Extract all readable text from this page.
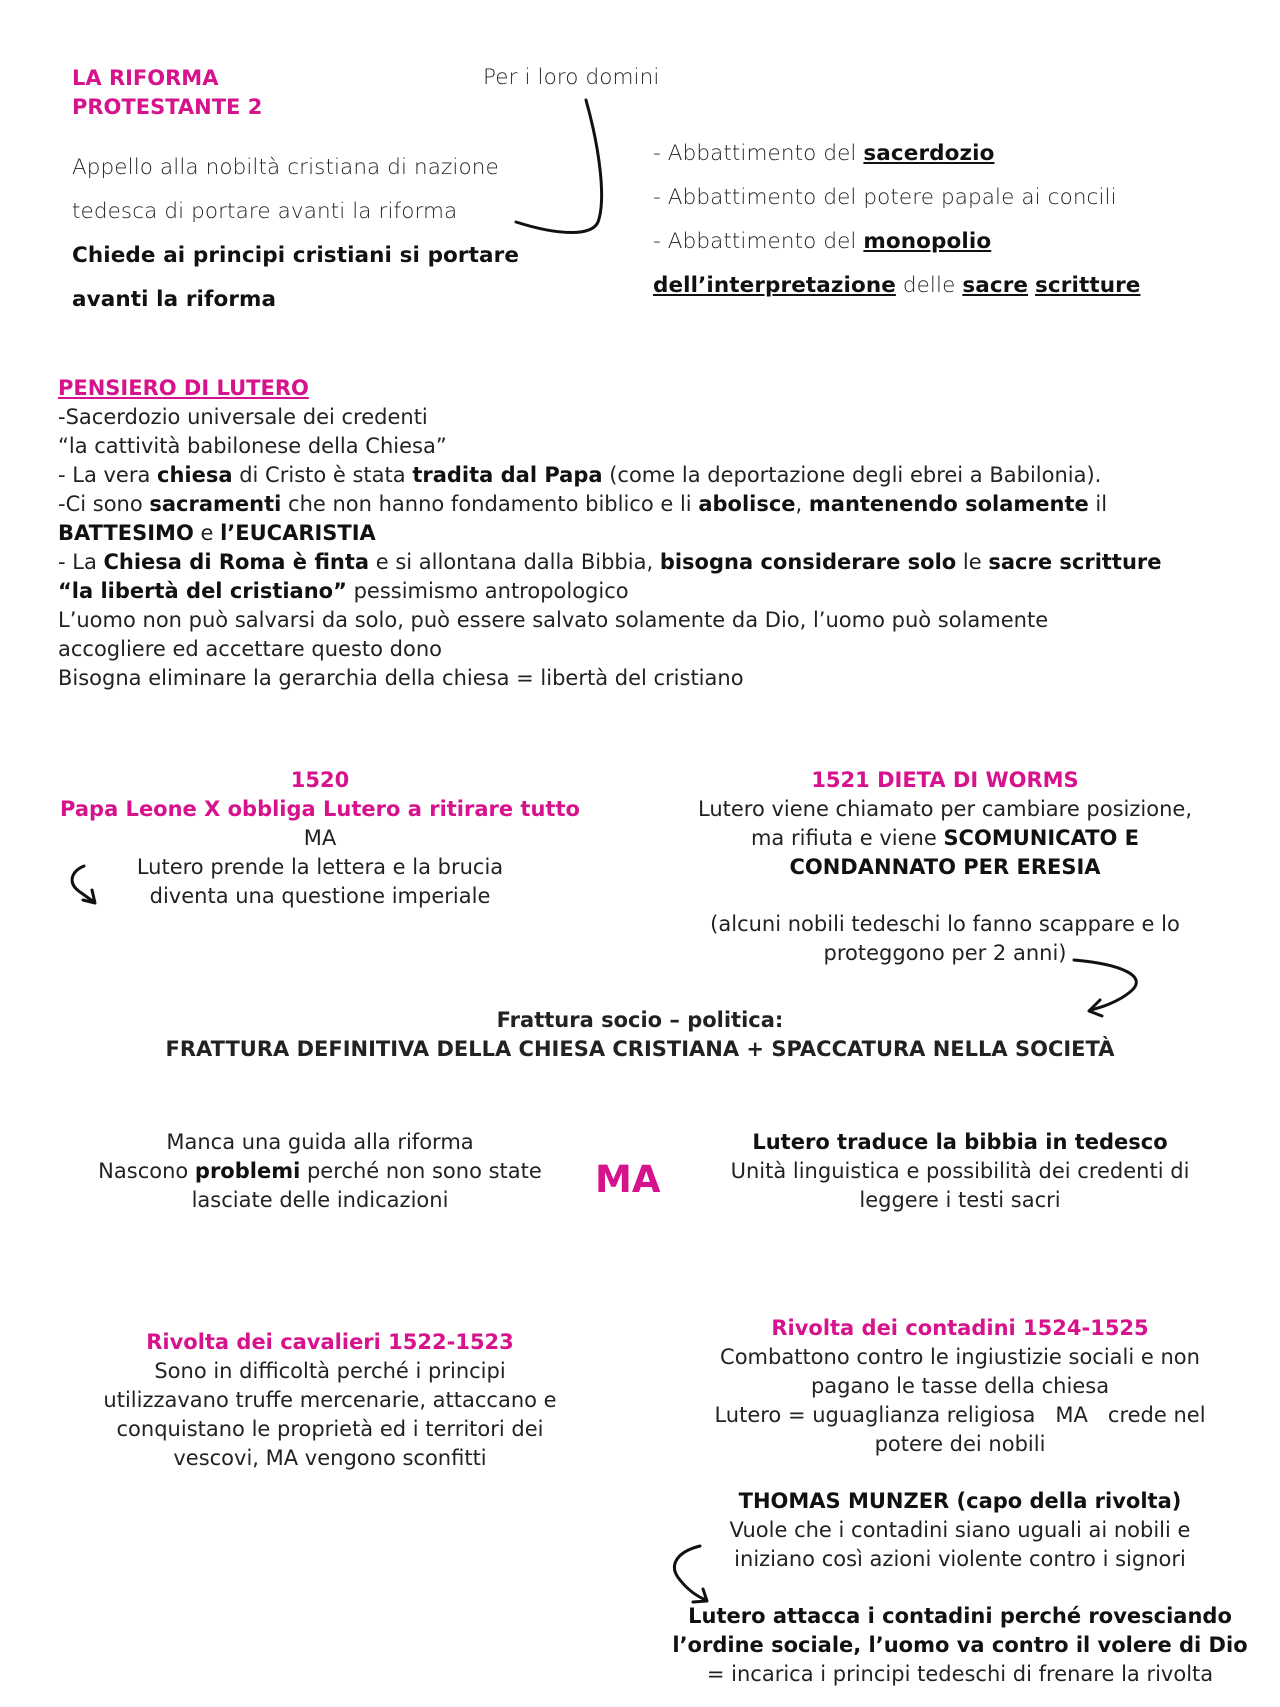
LA RIFORMA
PROTESTANTE 2
Per i loro domini
Appello alla nobiltà cristiana di nazione
tedesca di portare avanti la riforma
Chiede ai principi cristiani si portare
avanti la riforma
- Abbattimento del sacerdozio
- Abbattimento del potere papale ai concili
- Abbattimento del monopolio
dell’interpretazione delle sacre scritture
PENSIERO DI LUTERO
-Sacerdozio universale dei credenti
“la cattività babilonese della Chiesa”
- La vera chiesa di Cristo è stata tradita dal Papa (come la deportazione degli ebrei a Babilonia).
-Ci sono sacramenti che non hanno fondamento biblico e li abolisce, mantenendo solamente il
BATTESIMO e l’EUCARISTIA
- La Chiesa di Roma è finta e si allontana dalla Bibbia, bisogna considerare solo le sacre scritture
“la libertà del cristiano” pessimismo antropologico
L’uomo non può salvarsi da solo, può essere salvato solamente da Dio, l’uomo può solamente
accogliere ed accettare questo dono
Bisogna eliminare la gerarchia della chiesa = libertà del cristiano
1520
Papa Leone X obbliga Lutero a ritirare tutto
MA
Lutero prende la lettera e la brucia
diventa una questione imperiale
1521 DIETA DI WORMS
Lutero viene chiamato per cambiare posizione,
ma rifiuta e viene SCOMUNICATO E
CONDANNATO PER ERESIA
(alcuni nobili tedeschi lo fanno scappare e lo
proteggono per 2 anni)
Frattura socio – politica:
FRATTURA DEFINITIVA DELLA CHIESA CRISTIANA + SPACCATURA NELLA SOCIETÀ
Manca una guida alla riforma
Nascono problemi perché non sono state
lasciate delle indicazioni	MA
Lutero traduce la bibbia in tedesco
Unità linguistica e possibilità dei credenti di
leggere i testi sacri
Rivolta dei cavalieri 1522-1523
Sono in difficoltà perché i principi
utilizzavano truffe mercenarie, attaccano e
conquistano le proprietà ed i territori dei
vescovi, MA vengono sconfitti
Rivolta dei contadini 1524-1525
Combattono contro le ingiustizie sociali e non
pagano le tasse della chiesa
Lutero = uguaglianza religiosa   MA   crede nel
potere dei nobili
THOMAS MUNZER (capo della rivolta)
Vuole che i contadini siano uguali ai nobili e
iniziano così azioni violente contro i signori
Lutero attacca i contadini perché rovesciando
l’ordine sociale, l’uomo va contro il volere di Dio
= incarica i principi tedeschi di frenare la rivolta
